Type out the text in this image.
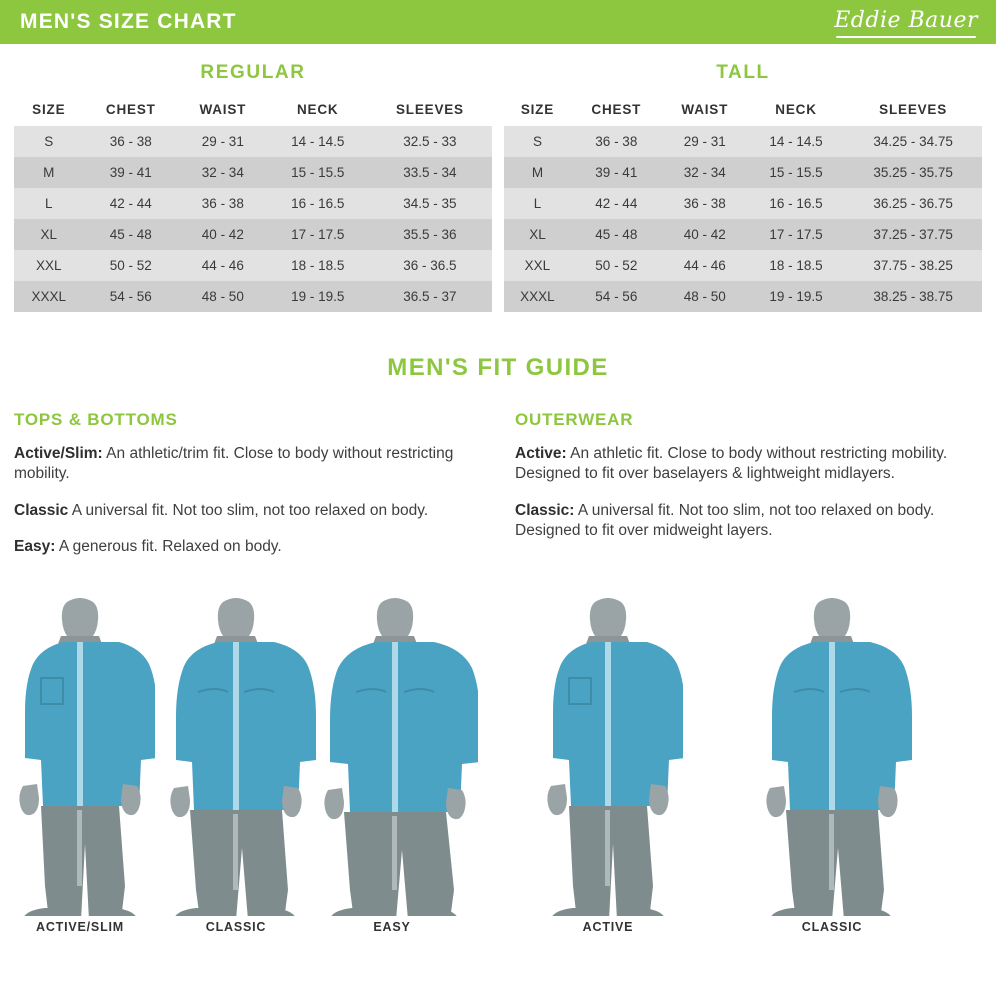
MEN'S SIZE CHART	Eddie Bauer
REGULAR
SIZE	CHEST	WAIST	NECK	SLEEVES
S	36 - 38	29 - 31	14 - 14.5	32.5 - 33
M	39 - 41	32 - 34	15 - 15.5	33.5 - 34
L	42 - 44	36 - 38	16 - 16.5	34.5 - 35
XL	45 - 48	40 - 42	17 - 17.5	35.5 - 36
XXL	50 - 52	44 - 46	18 - 18.5	36 - 36.5
XXXL	54 - 56	48 - 50	19 - 19.5	36.5 - 37
TALL
SIZE	CHEST	WAIST	NECK	SLEEVES
S	36 - 38	29 - 31	14 - 14.5	34.25 - 34.75
M	39 - 41	32 - 34	15 - 15.5	35.25 - 35.75
L	42 - 44	36 - 38	16 - 16.5	36.25 - 36.75
XL	45 - 48	40 - 42	17 - 17.5	37.25 - 37.75
XXL	50 - 52	44 - 46	18 - 18.5	37.75 - 38.25
XXXL	54 - 56	48 - 50	19 - 19.5	38.25 - 38.75
MEN'S FIT GUIDE
TOPS & BOTTOMS

Active/Slim: An athletic/trim fit. Close to body without restricting mobility.

Classic A universal fit. Not too slim, not too relaxed on body.

Easy: A generous fit. Relaxed on body.

OUTERWEAR

Active: An athletic fit. Close to body without restricting mobility. Designed to fit over baselayers & lightweight midlayers.

Classic: A universal fit. Not too slim, not too relaxed on body. Designed to fit over midweight layers.

ACTIVE/SLIM	CLASSIC	EASY	ACTIVE	CLASSIC
